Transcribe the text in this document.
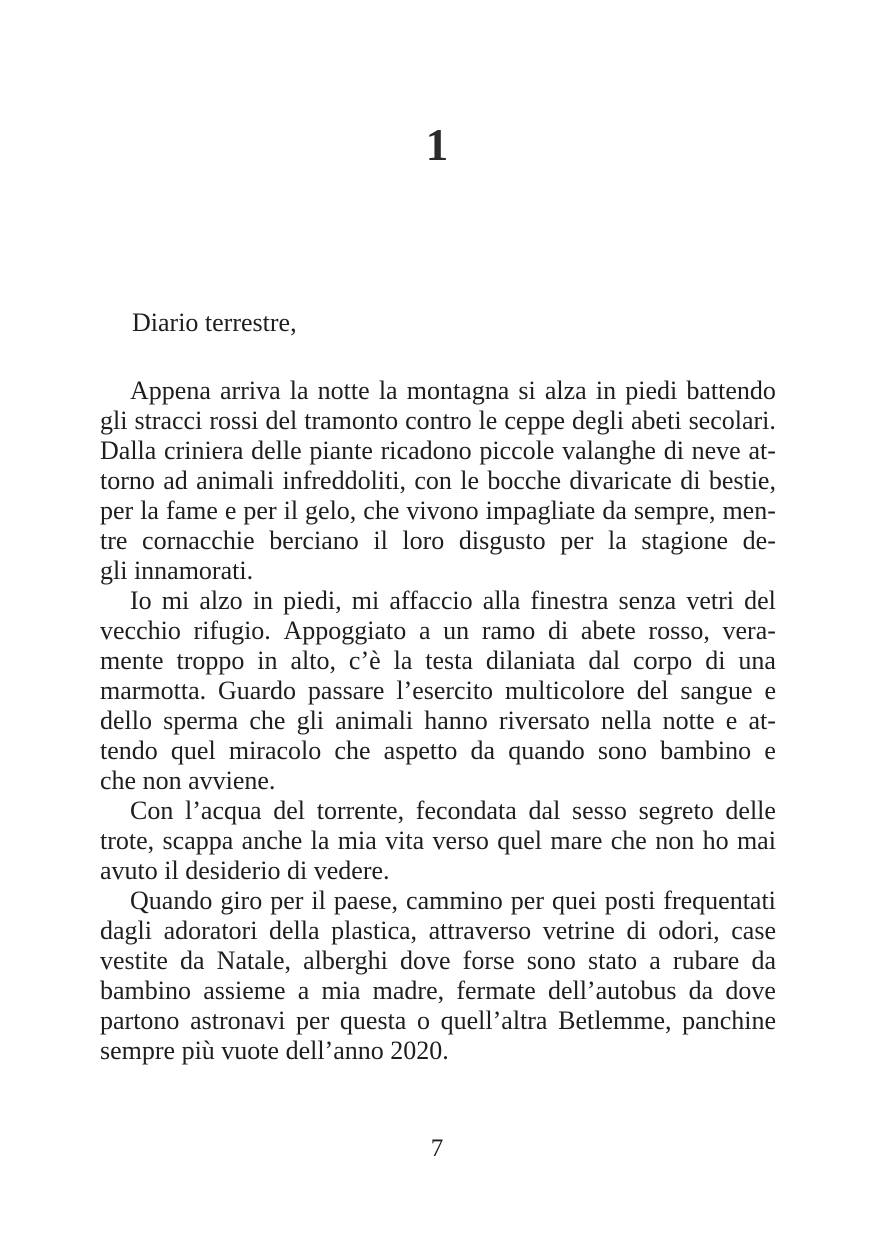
1
Diario terrestre,
Appena arriva la notte la montagna si alza in piedi battendo
gli stracci rossi del tramonto contro le ceppe degli abeti secolari.
Dalla criniera delle piante ricadono piccole valanghe di neve at-
torno ad animali infreddoliti, con le bocche divaricate di bestie,
per la fame e per il gelo, che vivono impagliate da sempre, men-
tre cornacchie berciano il loro disgusto per la stagione de-
gli innamorati.
Io mi alzo in piedi, mi affaccio alla finestra senza vetri del
vecchio rifugio. Appoggiato a un ramo di abete rosso, vera-
mente troppo in alto, c’è la testa dilaniata dal corpo di una
marmotta. Guardo passare l’esercito multicolore del sangue e
dello sperma che gli animali hanno riversato nella notte e at-
tendo quel miracolo che aspetto da quando sono bambino e
che non avviene.
Con l’acqua del torrente, fecondata dal sesso segreto delle
trote, scappa anche la mia vita verso quel mare che non ho mai
avuto il desiderio di vedere.
Quando giro per il paese, cammino per quei posti frequentati
dagli adoratori della plastica, attraverso vetrine di odori, case
vestite da Natale, alberghi dove forse sono stato a rubare da
bambino assieme a mia madre, fermate dell’autobus da dove
partono astronavi per questa o quell’altra Betlemme, panchine
sempre più vuote dell’anno 2020.
7
